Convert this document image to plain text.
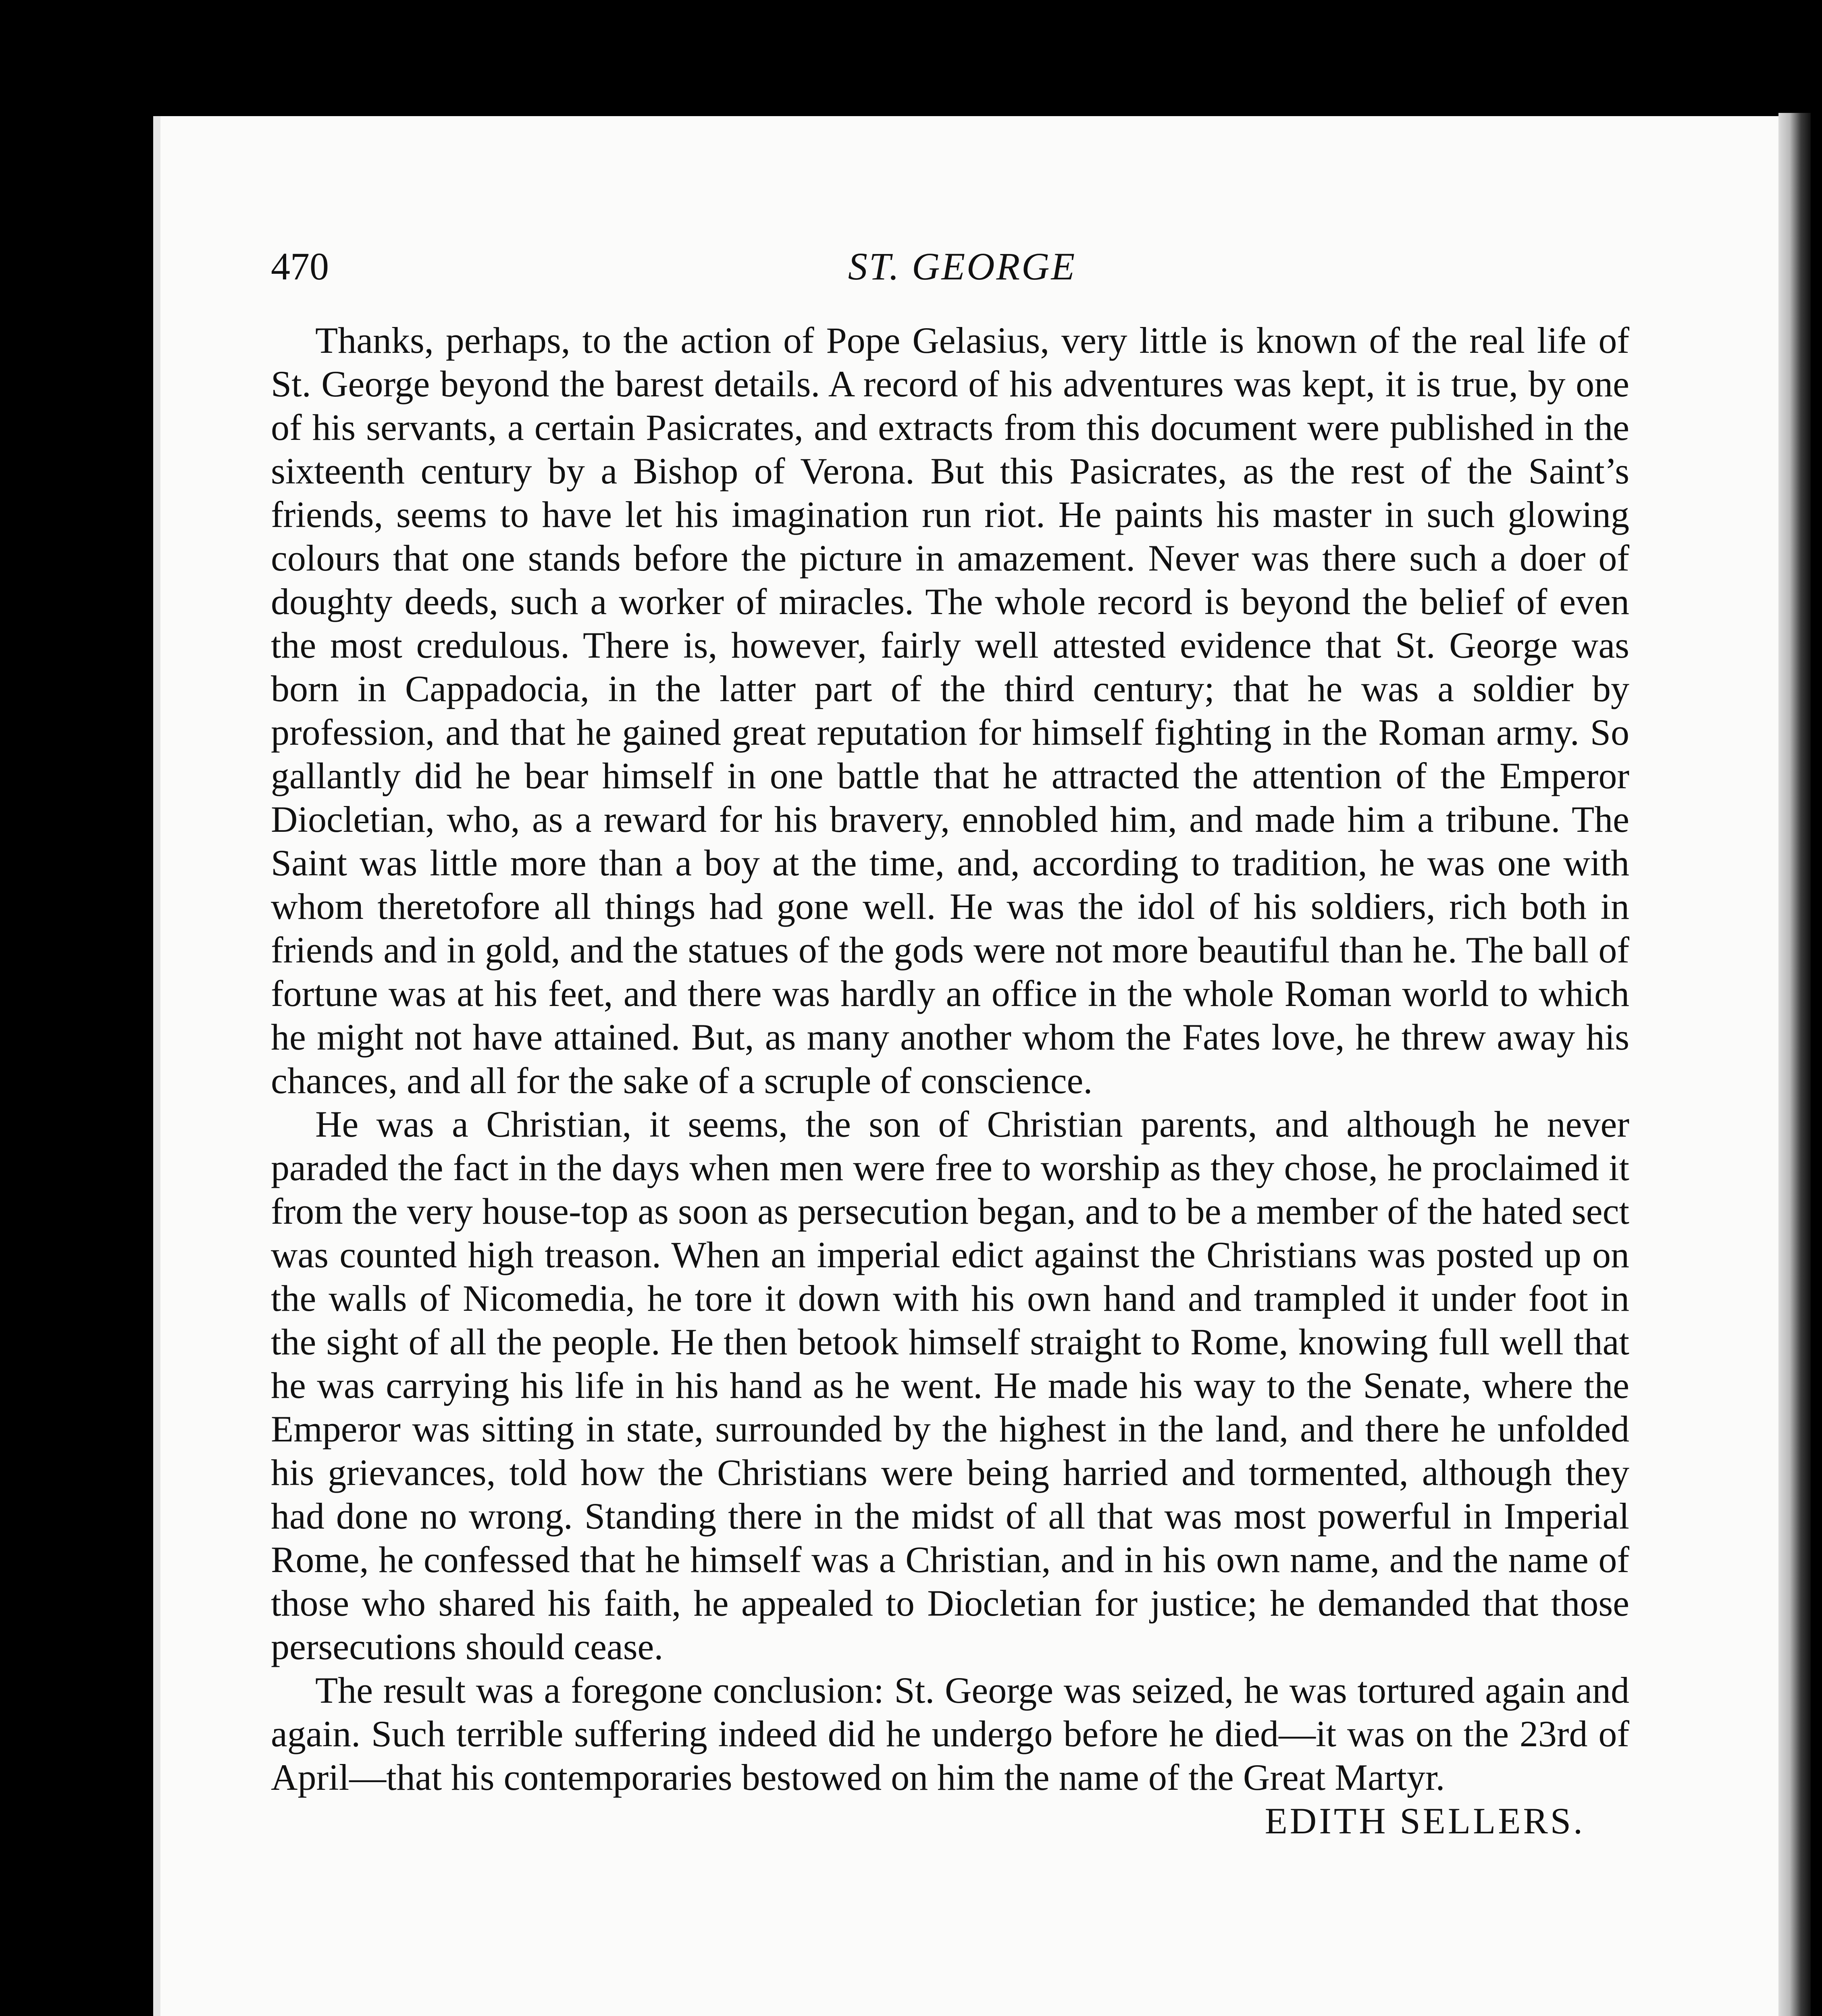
470	ST. GEORGE

Thanks, perhaps, to the action of Pope Gelasius, very little is known of the real life of St. George beyond the barest details. A record of his adventures was kept, it is true, by one of his servants, a certain Pasicrates, and extracts from this document were published in the sixteenth century by a Bishop of Verona. But this Pasicrates, as the rest of the Saint’s friends, seems to have let his imagination run riot. He paints his master in such glowing colours that one stands before the picture in amazement. Never was there such a doer of doughty deeds, such a worker of miracles. The whole record is beyond the belief of even the most credulous. There is, however, fairly well attested evidence that St. George was born in Cappadocia, in the latter part of the third century; that he was a soldier by profession, and that he gained great reputation for himself fighting in the Roman army. So gallantly did he bear himself in one battle that he attracted the attention of the Emperor Diocletian, who, as a reward for his bravery, ennobled him, and made him a tribune. The Saint was little more than a boy at the time, and, according to tradition, he was one with whom theretofore all things had gone well. He was the idol of his soldiers, rich both in friends and in gold, and the statues of the gods were not more beautiful than he. The ball of fortune was at his feet, and there was hardly an office in the whole Roman world to which he might not have attained. But, as many another whom the Fates love, he threw away his chances, and all for the sake of a scruple of conscience.

He was a Christian, it seems, the son of Christian parents, and although he never paraded the fact in the days when men were free to worship as they chose, he proclaimed it from the very house-top as soon as persecution began, and to be a member of the hated sect was counted high treason. When an imperial edict against the Christians was posted up on the walls of Nicomedia, he tore it down with his own hand and trampled it under foot in the sight of all the people. He then betook himself straight to Rome, knowing full well that he was carrying his life in his hand as he went. He made his way to the Senate, where the Emperor was sitting in state, surrounded by the highest in the land, and there he unfolded his grievances, told how the Christians were being harried and tormented, although they had done no wrong. Standing there in the midst of all that was most powerful in Imperial Rome, he confessed that he himself was a Christian, and in his own name, and the name of those who shared his faith, he appealed to Diocletian for justice; he demanded that those persecutions should cease.

The result was a foregone conclusion: St. George was seized, he was tortured again and again. Such terrible suffering indeed did he undergo before he died—it was on the 23rd of April—that his contemporaries bestowed on him the name of the Great Martyr.

EDITH SELLERS.
